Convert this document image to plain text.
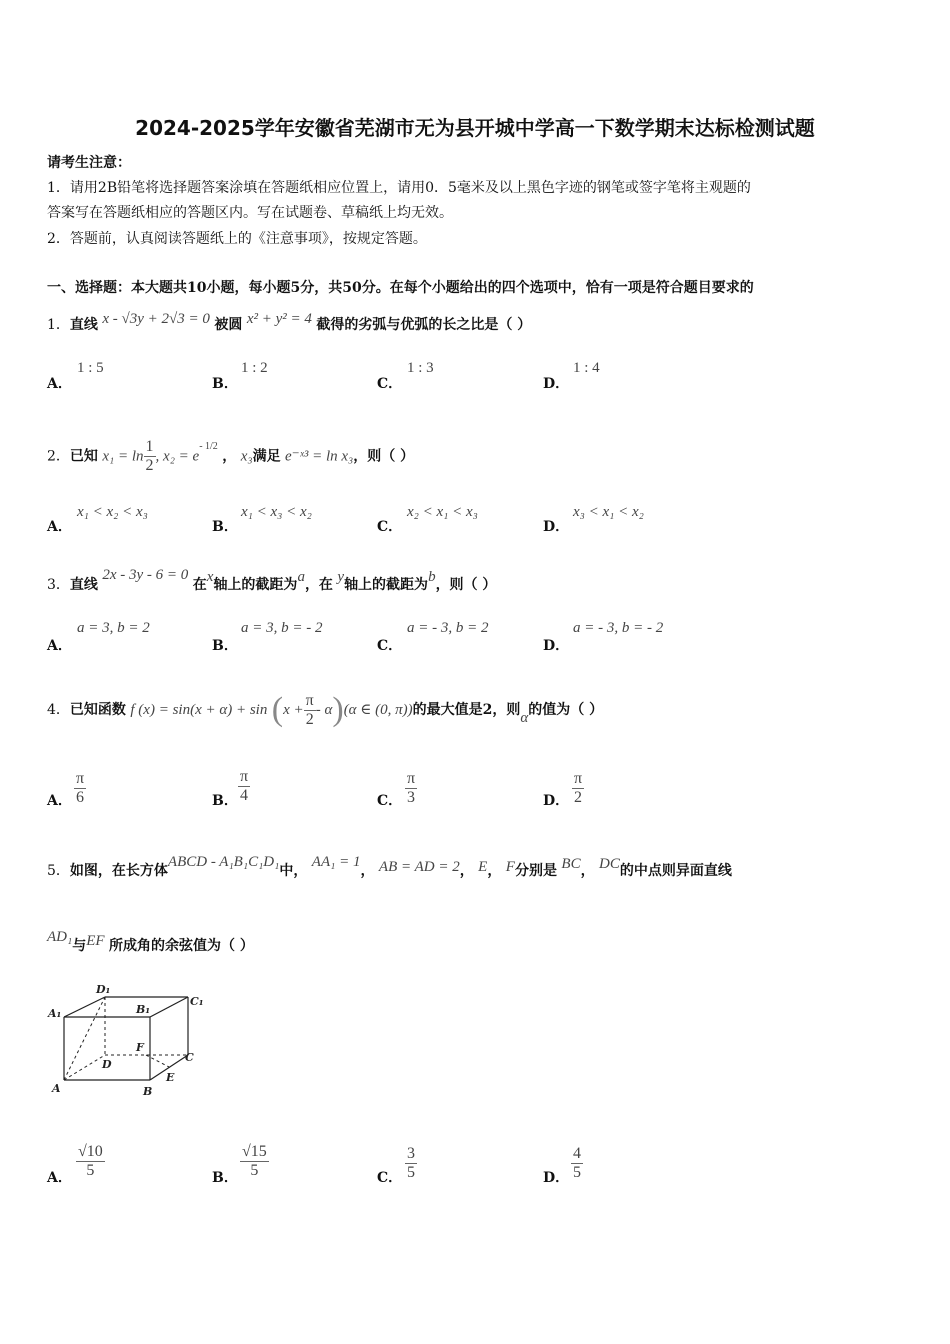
2024-2025学年安徽省芜湖市无为县开城中学高一下数学期末达标检测试题
请考生注意：
1．请用2B铅笔将选择题答案涂填在答题纸相应位置上，请用0．5毫米及以上黑色字迹的钢笔或签字笔将主观题的
答案写在答题纸相应的答题区内。写在试题卷、草稿纸上均无效。
2．答题前，认真阅读答题纸上的《注意事项》，按规定答题。
一、选择题：本大题共10小题，每小题5分，共50分。在每个小题给出的四个选项中，恰有一项是符合题目要求的
1．直线 x - √3y + 2√3 = 0 被圆 x² + y² = 4 截得的劣弧与优弧的长之比是（ ）
A．
1 : 5
B．
1 : 2
C．
1 : 3
D．
1 : 4
2．已知 $x_1 = \ln \frac{1}{2}$ , $x_2 = e^{- 1/2}$ ， x₃满足 e⁻ˣ³ = ln x₃，则（ ）
A．
x₁ < x₂ < x₃
B．
x₁ < x₃ < x₂
C．
x₂ < x₁ < x₃
D．
x₃ < x₁ < x₂
3．直线 2x - 3y - 6 = 0 在x轴上的截距为a，在 y轴上的截距为b，则（ ）
A．
a = 3, b = 2
B．
a = 3, b = - 2
C．
a = - 3, b = 2
D．
a = - 3, b = - 2
4．已知函数 f $(x) = \sin(x + \alpha) + \sin (x + \frac{\pi}{2} - \alpha)(\alpha$ ∈ (0, π))的最大值是2，则α的值为（ ）
A． $\frac{\pi}{6}$	B． $\frac{\pi}{4}$	C． $\frac{\pi}{3}$	D． $\frac{\pi}{2}$
5．如图，在长方体ABCD - A₁B₁C₁D₁中， AA₁ = 1， AB = AD = 2， E， F分别是 BC， DC的中点则异面直线
AD₁与EF 所成角的余弦值为（ ）
D₁
A₁	B₁
C₁
F
D
C
E
A	B
A． $\frac{√10}{5}$	B． $\frac{√15}{5}$	C． $\frac{3}{5}$	D． $\frac{4}{5}$
